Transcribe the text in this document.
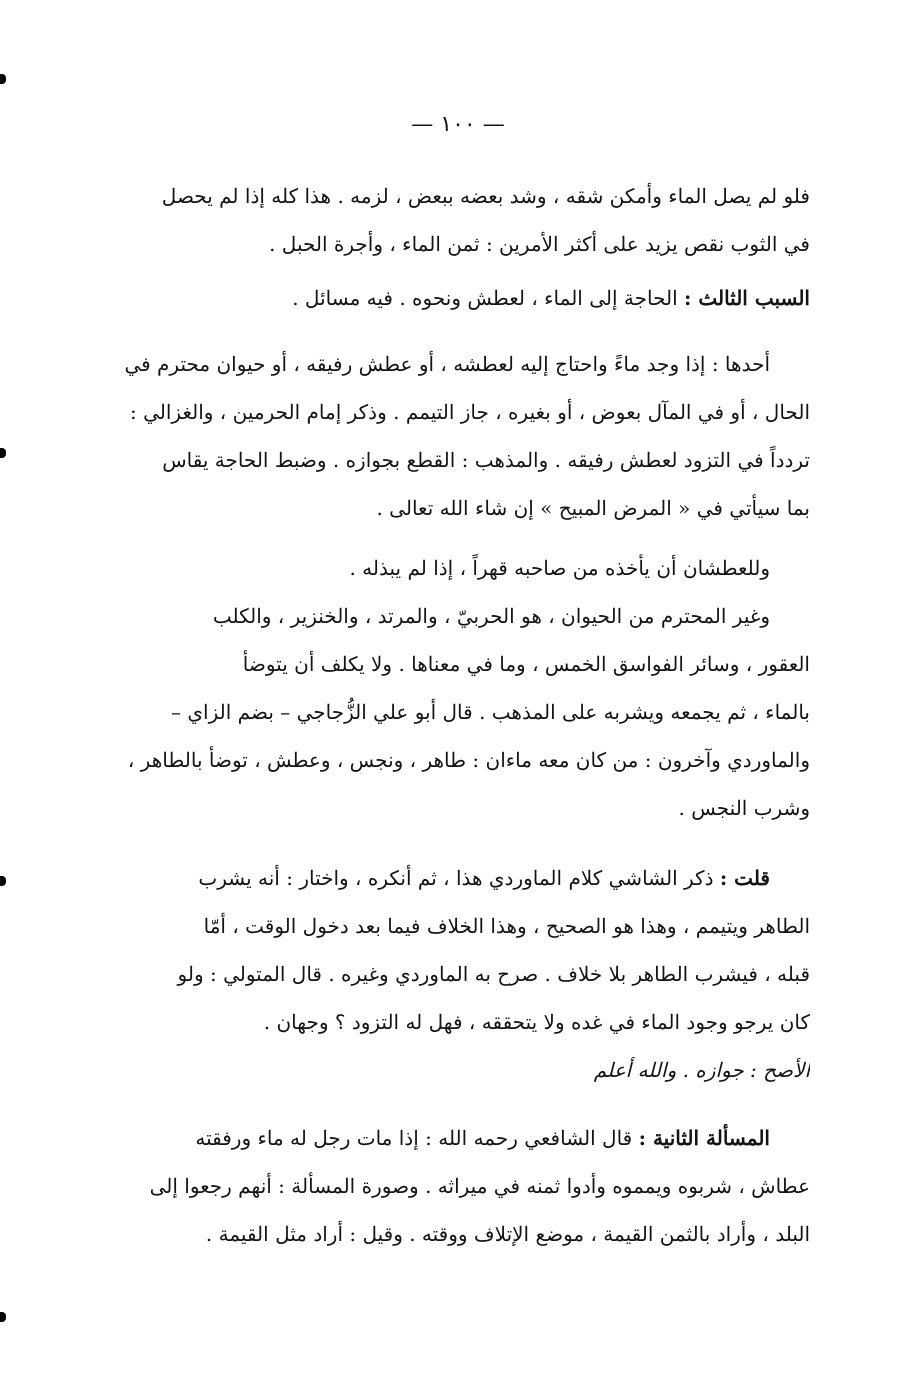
— ١٠٠ —
فلو لم يصل الماء وأمكن شقه ، وشد بعضه ببعض ، لزمه . هذا كله إذا لم يحصل
في الثوب نقص يزيد على أكثر الأمرين : ثمن الماء ، وأجرة الحبل .
السبب الثالث : الحاجة إلى الماء ، لعطش ونحوه . فيه مسائل .
أحدها : إذا وجد ماءً واحتاج إليه لعطشه ، أو عطش رفيقه ، أو حيوان محترم في
الحال ، أو في المآل بعوض ، أو بغيره ، جاز التيمم . وذكر إمام الحرمين ، والغزالي :
تردداً في التزود لعطش رفيقه . والمذهب : القطع بجوازه . وضبط الحاجة يقاس
بما سيأتي في « المرض المبيح » إن شاء الله تعالى .
وللعطشان أن يأخذه من صاحبه قهراً ، إذا لم يبذله .
وغير المحترم من الحيوان ، هو الحربيّ ، والمرتد ، والخنزير ، والكلب
العقور ، وسائر الفواسق الخمس ، وما في معناها . ولا يكلف أن يتوضأ
بالماء ، ثم يجمعه ويشربه على المذهب . قال أبو علي الزُّجاجي – بضم الزاي –
والماوردي وآخرون : من كان معه ماءان : طاهر ، ونجس ، وعطش ، توضأ بالطاهر ،
وشرب النجس .
قلت : ذكر الشاشي كلام الماوردي هذا ، ثم أنكره ، واختار : أنه يشرب
الطاهر ويتيمم ، وهذا هو الصحيح ، وهذا الخلاف فيما بعد دخول الوقت ، أمّا
قبله ، فيشرب الطاهر بلا خلاف . صرح به الماوردي وغيره . قال المتولي : ولو
كان يرجو وجود الماء في غده ولا يتحققه ، فهل له التزود ؟ وجهان .
الأصح : جوازه . والله أعلم
المسألة الثانية : قال الشافعي رحمه الله : إذا مات رجل له ماء ورفقته
عطاش ، شربوه ويمموه وأدوا ثمنه في ميراثه . وصورة المسألة : أنهم رجعوا إلى
البلد ، وأراد بالثمن القيمة ، موضع الإتلاف ووقته . وقيل : أراد مثل القيمة .
